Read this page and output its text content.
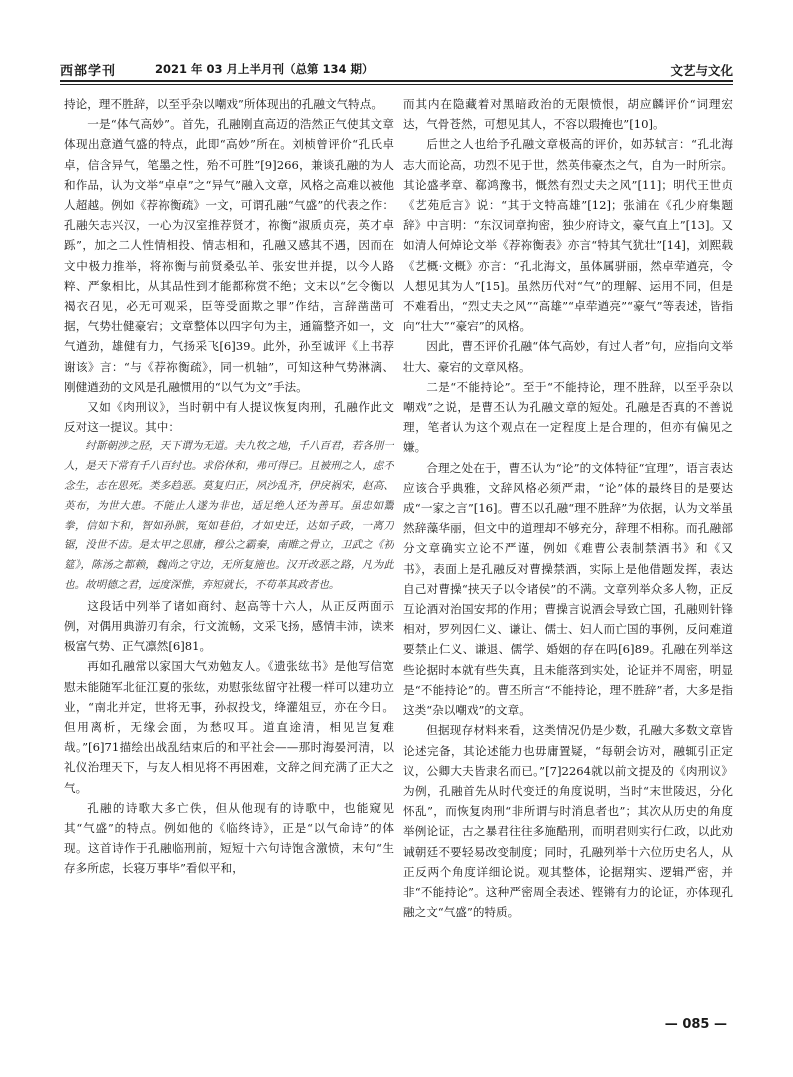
西部学刊	2021 年 03 月上半月刊（总第 134 期）	文艺与文化

持论，理不胜辞，以至乎杂以嘲戏”所体现出的孔融文气特点。

一是“体气高妙”。首先，孔融刚直高迈的浩然正气使其文章体现出意遒气盛的特点，此即“高妙”所在。刘桢曾评价“孔氏卓卓，信含异气，笔墨之性，殆不可胜”[9]266，兼谈孔融的为人和作品，认为文举“卓卓”之“异气”融入文章，风格之高难以被他人超越。例如《荐祢衡疏》一文，可谓孔融“气盛”的代表之作：孔融矢志兴汉，一心为汉室推荐贤才，祢衡“淑质贞亮，英才卓跞”，加之二人性情相投、情志相和，孔融又感其不遇，因而在文中极力推举，将祢衡与前贤桑弘羊、张安世并提，以今人路粹、严象相比，从其品性到才能都称赏不绝；文末以“乞令衡以褐衣召见，必无可观采，臣等受面欺之罪”作结，言辞凿凿可据，气势壮健豪宕；文章整体以四字句为主，通篇整齐如一，文气遒劲，雄健有力，气扬采飞[6]39。此外，孙至诚评《上书荐谢该》言：“与《荐祢衡疏》，同一机轴”，可知这种气势淋漓、刚健遒劲的文风是孔融惯用的“以气为文”手法。

又如《肉刑议》，当时朝中有人提议恢复肉刑，孔融作此文反对这一提议。其中：

纣斮朝涉之胫，天下谓为无道。夫九牧之地，千八百君，若各刖一人，是天下常有千八百纣也。求俗休和，弗可得已。且被刑之人，虑不念生，志在思死。类多趋恶。莫复归正，夙沙乱齐，伊戾祸宋，赵高、英布，为世大患。不能止人遂为非也，适足绝人还为善耳。虽忠如鬻拳，信如卞和，智如孙膑，冤如巷伯，才如史迁，达如子政，一离刀锯，没世不齿。是太甲之思庸，穆公之霸秦，南睢之骨立，卫武之《初筵》，陈汤之都赖，魏尚之守边，无所复施也。汉开改恶之路，凡为此也。故明德之君，远度深惟，弃短就长，不苟革其政者也。

这段话中列举了诸如商纣、赵高等十六人，从正反两面示例，对偶用典游刃有余，行文流畅，文采飞扬，感情丰沛，读来极富气势、正气凛然[6]81。

再如孔融常以家国大气劝勉友人。《遗张纮书》是他写信宽慰未能随军北征江夏的张纮，劝慰张纮留守社稷一样可以建功立业，“南北并定，世将无事，孙叔投戈，绛灌俎豆，亦在今日。但用离析，无缘会面，为愁叹耳。道直途清，相见岂复难哉。”[6]71描绘出战乱结束后的和平社会——那时海晏河清，以礼仪治理天下，与友人相见将不再困难，文辞之间充满了正大之气。

孔融的诗歌大多亡佚，但从他现有的诗歌中，也能窥见其“气盛”的特点。例如他的《临终诗》，正是“以气命诗”的体现。这首诗作于孔融临刑前，短短十六句诗饱含激愤，末句“生存多所虑，长寝万事毕”看似平和，

而其内在隐藏着对黑暗政治的无限愤恨，胡应麟评价“词理宏达，气骨苍然，可想见其人，不容以瑕掩也”[10]。

后世之人也给予孔融文章极高的评价，如苏轼言：“孔北海志大而论高，功烈不见于世，然英伟豪杰之气，自为一时所宗。其论盛孝章、郗鸿豫书，慨然有烈丈夫之风”[11]；明代王世贞《艺苑卮言》说：“其于文特高雄”[12]；张浦在《孔少府集题辞》中言明：“东汉词章拘密，独少府诗文，豪气直上”[13]。又如清人何焯论文举《荐祢衡表》亦言“特其气犹壮”[14]，刘熙载《艺概·文概》亦言：“孔北海文，虽体属骈丽，然卓荦遒亮，令人想见其为人”[15]。虽然历代对“气”的理解、运用不同，但是不难看出，“烈丈夫之风”“高雄”“卓荦遒亮”“豪气”等表述，皆指向“壮大”“豪宕”的风格。

因此，曹丕评价孔融“体气高妙，有过人者”句，应指向文举壮大、豪宕的文章风格。

二是“不能持论”。至于“不能持论，理不胜辞，以至乎杂以嘲戏”之说，是曹丕认为孔融文章的短处。孔融是否真的不善说理，笔者认为这个观点在一定程度上是合理的，但亦有偏见之嫌。

合理之处在于，曹丕认为“论”的文体特征“宜理”，语言表达应该合乎典雅，文辞风格必须严肃，“论”体的最终目的是要达成“一家之言”[16]。曹丕以孔融“理不胜辞”为依据，认为文举虽然辞藻华丽，但文中的道理却不够充分，辞理不相称。而孔融部分文章确实立论不严谨，例如《难曹公表制禁酒书》和《又书》，表面上是孔融反对曹操禁酒，实际上是他借题发挥，表达自己对曹操“挟天子以令诸侯”的不满。文章列举众多人物，正反互论酒对治国安邦的作用；曹操言说酒会导致亡国，孔融则针锋相对，罗列因仁义、谦让、儒士、妇人而亡国的事例，反问难道要禁止仁义、谦退、儒学、婚姻的存在吗[6]89。孔融在列举这些论据时本就有些失真，且未能落到实处，论证并不周密，明显是“不能持论”的。曹丕所言“不能持论，理不胜辞”者，大多是指这类“杂以嘲戏”的文章。

但据现存材料来看，这类情况仍是少数，孔融大多数文章皆论述完备，其论述能力也毋庸置疑，“每朝会访对，融辄引正定议，公卿大夫皆隶名而已。”[7]2264就以前文提及的《肉刑议》为例，孔融首先从时代变迁的角度说明，当时“末世陵迟，分化怀乱”，而恢复肉刑“非所谓与时消息者也”；其次从历史的角度举例论证，古之暴君往往多施酷刑，而明君则实行仁政，以此劝诫朝廷不要轻易改变制度；同时，孔融列举十六位历史名人，从正反两个角度详细论说。观其整体，论据翔实、逻辑严密，并非“不能持论”。这种严密周全表述、铿锵有力的论证，亦体现孔融之文“气盛”的特质。

— 085 —
